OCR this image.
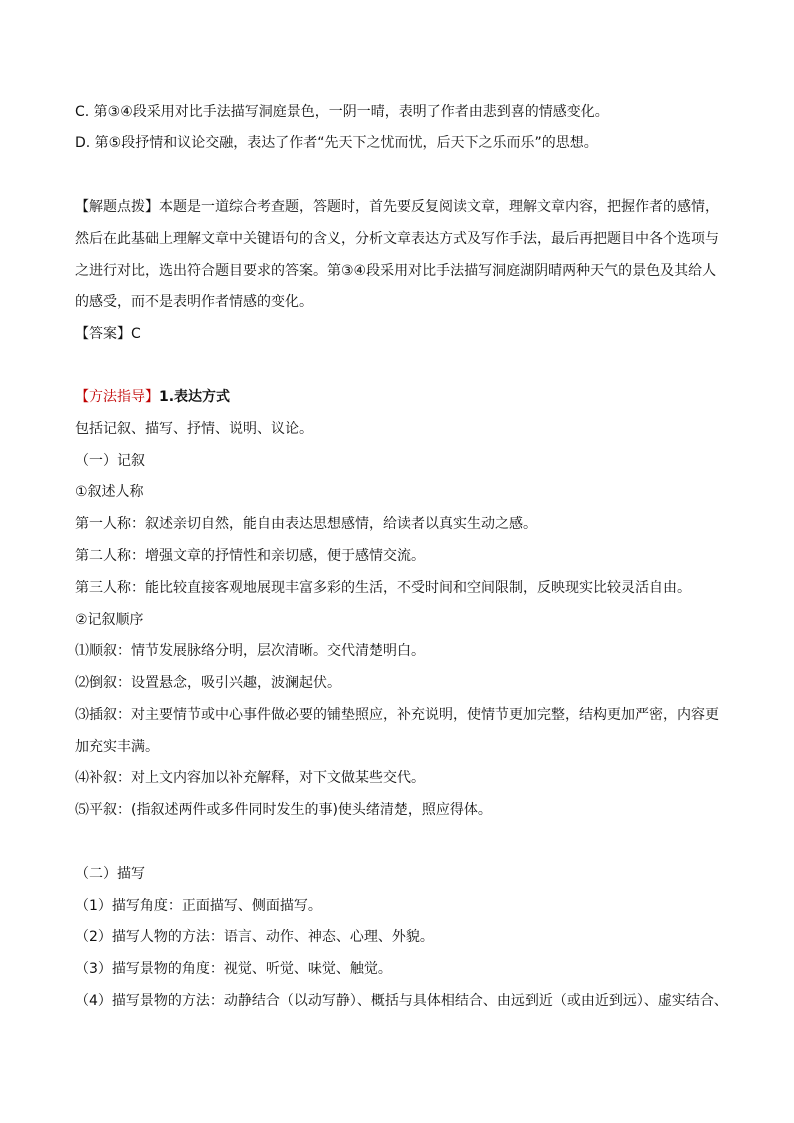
C. 第③④段采用对比手法描写洞庭景色，一阴一晴，表明了作者由悲到喜的情感变化。
D. 第⑤段抒情和议论交融，表达了作者“先天下之忧而忧，后天下之乐而乐”的思想。
【解题点拨】本题是一道综合考查题，答题时，首先要反复阅读文章，理解文章内容，把握作者的感情，
然后在此基础上理解文章中关键语句的含义，分析文章表达方式及写作手法，最后再把题目中各个选项与
之进行对比，选出符合题目要求的答案。第③④段采用对比手法描写洞庭湖阴晴两种天气的景色及其给人
的感受，而不是表明作者情感的变化。
【答案】C
【方法指导】1.表达方式
包括记叙、描写、抒情、说明、议论。
（一）记叙
①叙述人称
第一人称：叙述亲切自然，能自由表达思想感情，给读者以真实生动之感。
第二人称：增强文章的抒情性和亲切感，便于感情交流。
第三人称：能比较直接客观地展现丰富多彩的生活，不受时间和空间限制，反映现实比较灵活自由。
②记叙顺序
⑴顺叙：情节发展脉络分明，层次清晰。交代清楚明白。
⑵倒叙：设置悬念，吸引兴趣，波澜起伏。
⑶插叙：对主要情节或中心事件做必要的铺垫照应，补充说明，使情节更加完整，结构更加严密，内容更
加充实丰满。
⑷补叙：对上文内容加以补充解释，对下文做某些交代。
⑸平叙：(指叙述两件或多件同时发生的事)使头绪清楚，照应得体。
（二）描写
（1）描写角度：正面描写、侧面描写。
（2）描写人物的方法：语言、动作、神态、心理、外貌。
（3）描写景物的角度：视觉、听觉、味觉、触觉。
（4）描写景物的方法：动静结合（以动写静）、概括与具体相结合、由远到近（或由近到远）、虚实结合、
